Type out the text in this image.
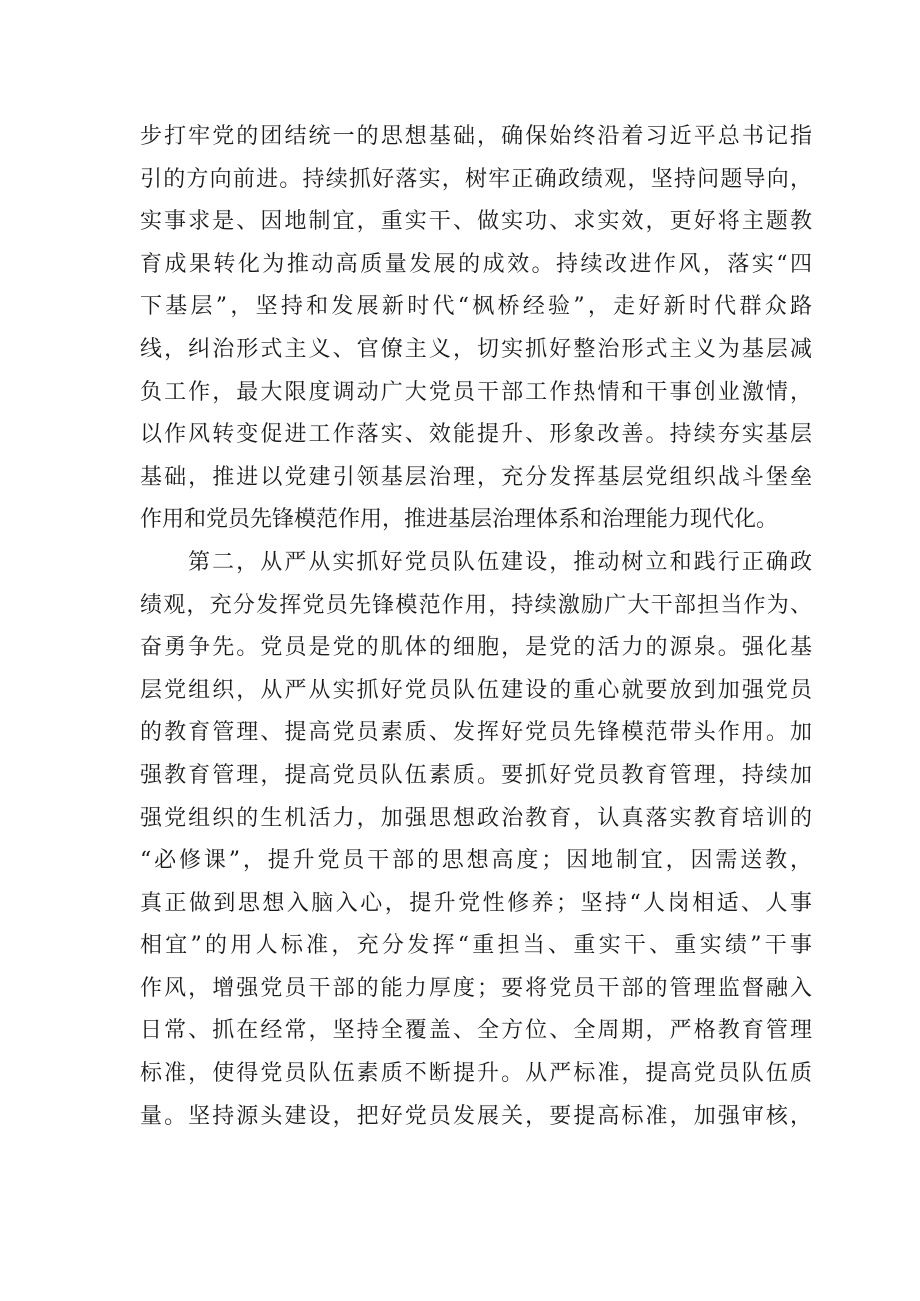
步打牢党的团结统一的思想基础，确保始终沿着习近平总书记指
引的方向前进。持续抓好落实，树牢正确政绩观，坚持问题导向，
实事求是、因地制宜，重实干、做实功、求实效，更好将主题教
育成果转化为推动高质量发展的成效。持续改进作风，落实“四
下基层”，坚持和发展新时代“枫桥经验”，走好新时代群众路
线，纠治形式主义、官僚主义，切实抓好整治形式主义为基层减
负工作，最大限度调动广大党员干部工作热情和干事创业激情，
以作风转变促进工作落实、效能提升、形象改善。持续夯实基层
基础，推进以党建引领基层治理，充分发挥基层党组织战斗堡垒
作用和党员先锋模范作用，推进基层治理体系和治理能力现代化。
第二，从严从实抓好党员队伍建设，推动树立和践行正确政
绩观，充分发挥党员先锋模范作用，持续激励广大干部担当作为、
奋勇争先。党员是党的肌体的细胞，是党的活力的源泉。强化基
层党组织，从严从实抓好党员队伍建设的重心就要放到加强党员
的教育管理、提高党员素质、发挥好党员先锋模范带头作用。加
强教育管理，提高党员队伍素质。要抓好党员教育管理，持续加
强党组织的生机活力，加强思想政治教育，认真落实教育培训的
“必修课”，提升党员干部的思想高度；因地制宜，因需送教，
真正做到思想入脑入心，提升党性修养；坚持“人岗相适、人事
相宜”的用人标准，充分发挥“重担当、重实干、重实绩”干事
作风，增强党员干部的能力厚度；要将党员干部的管理监督融入
日常、抓在经常，坚持全覆盖、全方位、全周期，严格教育管理
标准，使得党员队伍素质不断提升。从严标准，提高党员队伍质
量。坚持源头建设，把好党员发展关，要提高标准，加强审核，
